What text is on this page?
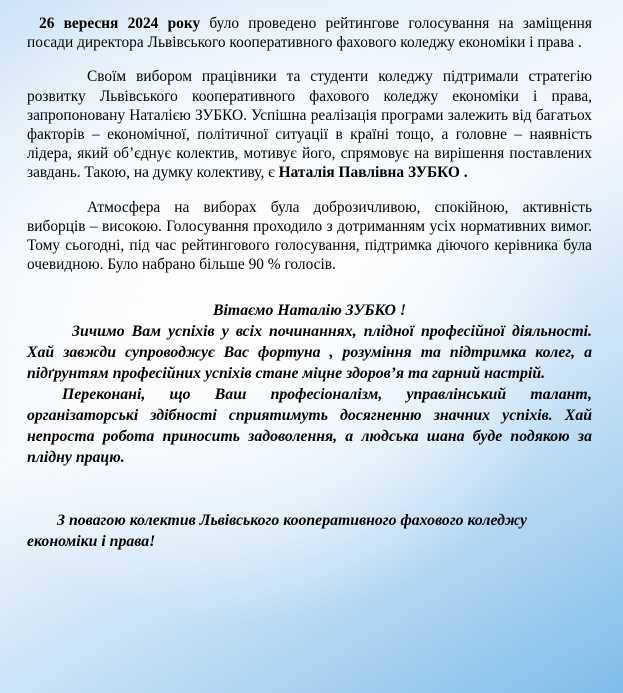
26 вересня 2024 року було проведено рейтингове голосування на заміщення посади директора Львівського кооперативного фахового коледжу економіки і права .

Своїм вибором працівники та студенти коледжу підтримали стратегію розвитку Львівського кооперативного фахового коледжу економіки і права, запропоновану Наталією ЗУБКО. Успішна реалізація програми залежить від багатьох факторів – економічної, політичної ситуації в країні тощо, а головне – наявність лідера, який об’єднує колектив, мотивує його, спрямовує на вирішення поставлених завдань. Такою, на думку колективу, є Наталія Павлівна ЗУБКО .

Атмосфера на виборах була доброзичливою, спокійною, активність виборців – високою. Голосування проходило з дотриманням усіх нормативних вимог. Тому сьогодні, під час рейтингового голосування, підтримка діючого керівника була очевидною. Було набрано більше 90 % голосів.

Вітаємо Наталію ЗУБКО !

Зичимо Вам успіхів у всіх починаннях, плідної професійної діяльності. Хай завжди супроводжує Вас фортуна , розуміння та підтримка колег, а підґрунтям професійних успіхів стане міцне здоров’я та гарний настрій.

Переконані, що Ваш професіоналізм, управлінський талант, організаторські здібності сприятимуть досягненню значних успіхів. Хай непроста робота приносить задоволення, а людська шана буде подякою за плідну працю.

З повагою колектив Львівського кооперативного фахового коледжу економіки і права!
